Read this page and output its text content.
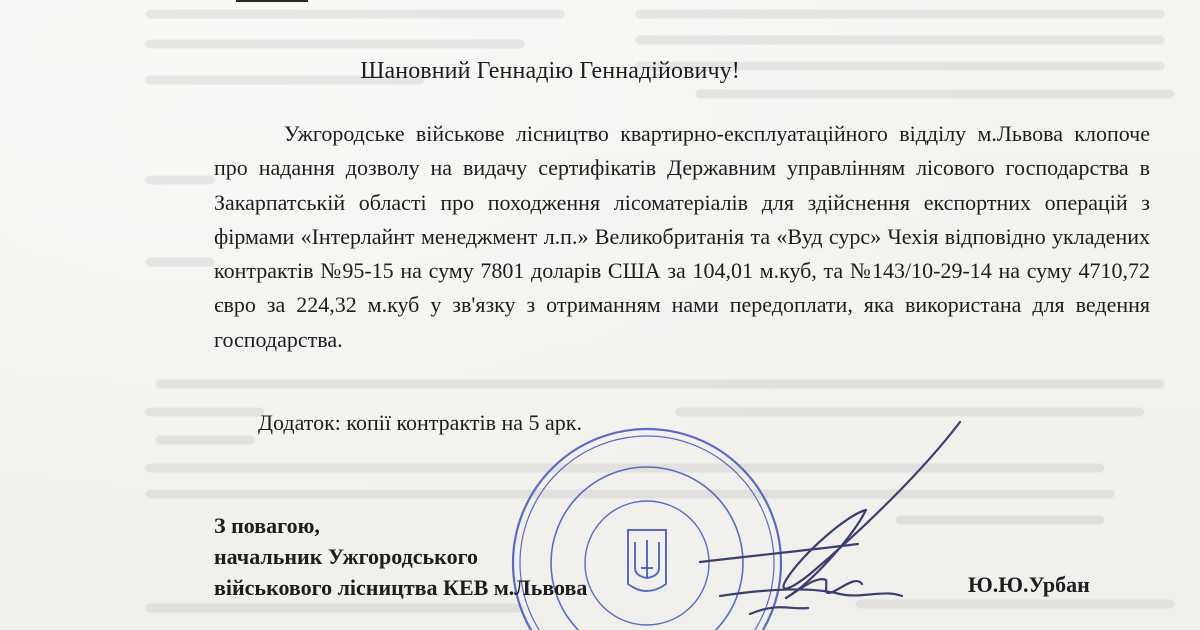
Шановний Геннадію Геннадійовичу!

Ужгородське військове лісництво квартирно-експлуатаційного відділу м.Львова клопоче про надання дозволу на видачу сертифікатів Державним управлінням лісового господарства в Закарпатській області про походження лісоматеріалів для здійснення експортних операцій з фірмами «Інтерлайнт менеджмент л.п.» Великобританія та «Вуд сурс» Чехія відповідно укладених контрактів №95-15 на суму 7801 доларів США за 104,01 м.куб, та №143/10-29-14 на суму 4710,72 євро за 224,32 м.куб у зв'язку з отриманням нами передоплати, яка використана для ведення господарства.

Додаток: копії контрактів на 5 арк.
З повагою,
начальник Ужгородського
військового лісництва КЕВ м.Львова	Ю.Ю.Урбан
